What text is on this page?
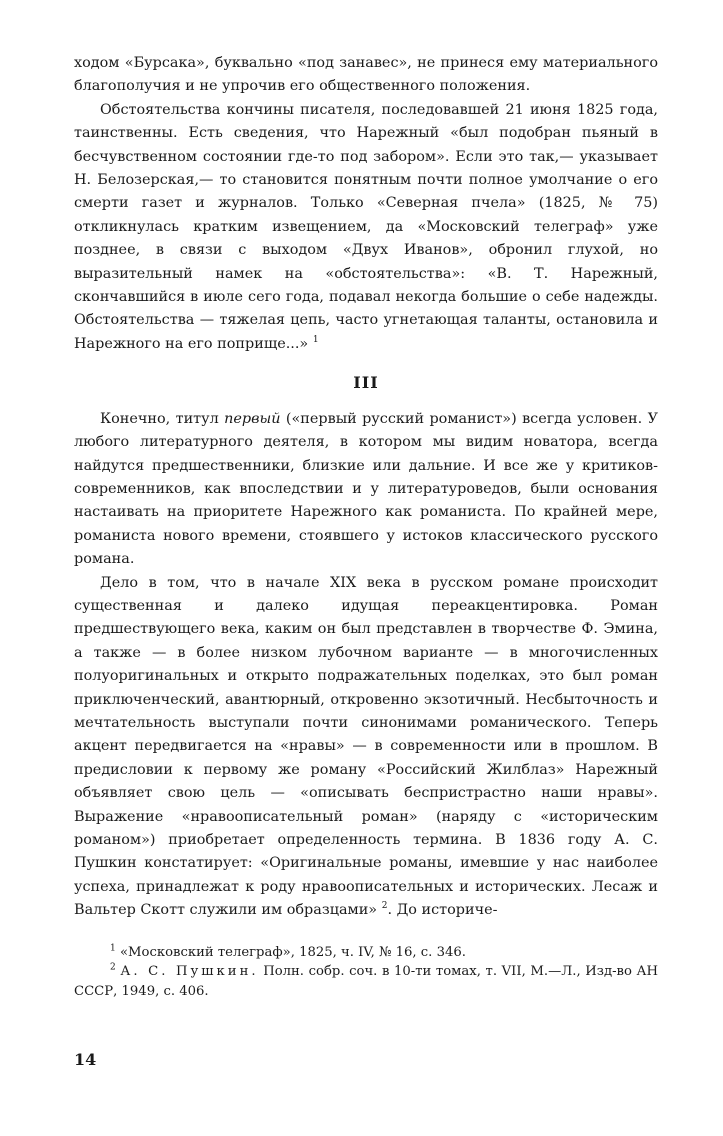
ходом «Бурсака», буквально «под занавес», не принеся ему материального благополучия и не упрочив его общественного положения.

Обстоятельства кончины писателя, последовавшей 21 июня 1825 года, таинственны. Есть сведения, что Нарежный «был подобран пьяный в бесчувственном состоянии где-то под забором». Если это так,— указывает Н. Белозерская,— то становится понятным почти полное умолчание о его смерти газет и журналов. Только «Северная пчела» (1825, № 75) откликнулась кратким извещением, да «Московский телеграф» уже позднее, в связи с выходом «Двух Иванов», обронил глухой, но выразительный намек на «обстоятельства»: «В. Т. Нарежный, скончавшийся в июле сего года, подавал некогда большие о себе надежды. Обстоятельства — тяжелая цепь, часто угнетающая таланты, остановила и Нарежного на его поприще...» $^1$

III

Конечно, титул первый («первый русский романист») всегда условен. У любого литературного деятеля, в котором мы видим новатора, всегда найдутся предшественники, близкие или дальние. И все же у критиков-современников, как впоследствии и у литературоведов, были основания настаивать на приоритете Нарежного как романиста. По крайней мере, романиста нового времени, стоявшего у истоков классического русского романа.

Дело в том, что в начале XIX века в русском романе происходит существенная и далеко идущая переакцентировка. Роман предшествующего века, каким он был представлен в творчестве Ф. Эмина, а также — в более низком лубочном варианте — в многочисленных полуоригинальных и открыто подражательных поделках, это был роман приключенческий, авантюрный, откровенно экзотичный. Несбыточность и мечтательность выступали почти синонимами романического. Теперь акцент передвигается на «нравы» — в современности или в прошлом. В предисловии к первому же роману «Российский Жилблаз» Нарежный объявляет свою цель — «описывать беспристрастно наши нравы». Выражение «нравоописательный роман» (наряду с «историческим романом») приобретает определенность термина. В 1836 году А. С. Пушкин констатирует: «Оригинальные романы, имевшие у нас наиболее успеха, принадлежат к роду нравоописательных и исторических. Лесаж и Вальтер Скотт служили им образцами» $^2$. До историче-

$^1$ «Московский телеграф», 1825, ч. IV, № 16, с. 346.

$^2$ А. С. Пушкин. Полн. собр. соч. в 10-ти томах, т. VII, М.—Л., Изд-во АН СССР, 1949, с. 406.

14
